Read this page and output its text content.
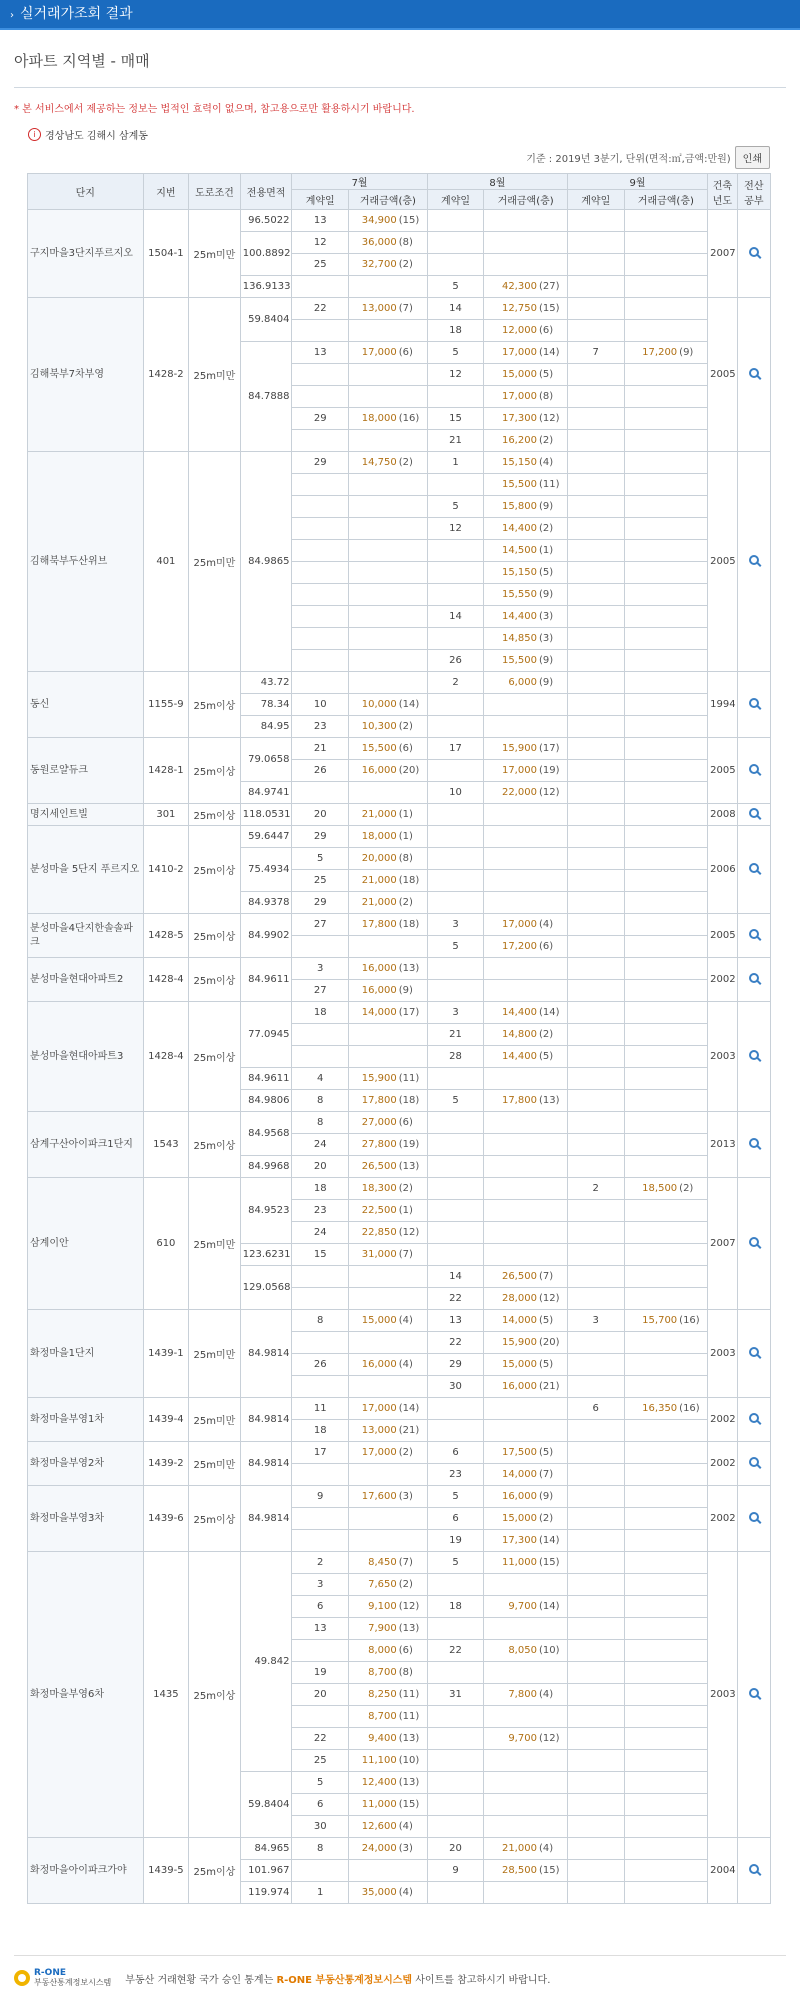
› 실거래가조회 결과
아파트 지역별 - 매매
* 본 서비스에서 제공하는 정보는 법적인 효력이 없으며, 참고용으로만 활용하시기 바랍니다.
i 경상남도 김해시 삼계동
기준 : 2019년 3분기, 단위(면적:㎡,금액:만원)	인쇄
단지	지번	도로조건	전용면적	7월		8월		9월		건축년도	전산공부
				계약일	거래금액(층)	계약일	거래금액(층)	계약일	거래금액(층)		
구지마을3단지푸르지오	1504-1	25m미만	96.5022	13	34,900 (15)					2007	
			100.8892	12	36,000 (8)						
				25	32,700 (2)						
			136.9133			5	42,300 (27)				
김해북부7차부영	1428-2	25m미만	59.8404	22	13,000 (7)	14	12,750 (15)			2005	
						18	12,000 (6)				
			84.7888	13	17,000 (6)	5	17,000 (14)	7	17,200 (9)		
						12	15,000 (5)				
							17,000 (8)				
				29	18,000 (16)	15	17,300 (12)				
						21	16,200 (2)				
김해북부두산위브	401	25m미만	84.9865	29	14,750 (2)	1	15,150 (4)			2005	
							15,500 (11)				
						5	15,800 (9)				
						12	14,400 (2)				
							14,500 (1)				
							15,150 (5)				
							15,550 (9)				
						14	14,400 (3)				
							14,850 (3)				
						26	15,500 (9)				
동신	1155-9	25m이상	43.72			2	6,000 (9)			1994	
			78.34	10	10,000 (14)						
			84.95	23	10,300 (2)						
동원로얄듀크	1428-1	25m이상	79.0658	21	15,500 (6)	17	15,900 (17)			2005	
				26	16,000 (20)		17,000 (19)				
			84.9741			10	22,000 (12)				
명지세인트빌	301	25m이상	118.0531	20	21,000 (1)					2008	
분성마을 5단지 푸르지오	1410-2	25m이상	59.6447	29	18,000 (1)					2006	
			75.4934	5	20,000 (8)						
				25	21,000 (18)						
			84.9378	29	21,000 (2)						
분성마을4단지한솔솔파크	1428-5	25m이상	84.9902	27	17,800 (18)	3	17,000 (4)			2005	
						5	17,200 (6)				
분성마을현대아파트2	1428-4	25m이상	84.9611	3	16,000 (13)					2002	
				27	16,000 (9)						
분성마을현대아파트3	1428-4	25m이상	77.0945	18	14,000 (17)	3	14,400 (14)			2003	
						21	14,800 (2)				
						28	14,400 (5)				
			84.9611	4	15,900 (11)						
			84.9806	8	17,800 (18)	5	17,800 (13)				
삼계구산아이파크1단지	1543	25m이상	84.9568	8	27,000 (6)					2013	
				24	27,800 (19)						
			84.9968	20	26,500 (13)						
삼계이안	610	25m미만	84.9523	18	18,300 (2)			2	18,500 (2)	2007	
				23	22,500 (1)						
				24	22,850 (12)						
			123.6231	15	31,000 (7)						
			129.0568			14	26,500 (7)				
						22	28,000 (12)				
화정마을1단지	1439-1	25m미만	84.9814	8	15,000 (4)	13	14,000 (5)	3	15,700 (16)	2003	
						22	15,900 (20)				
				26	16,000 (4)	29	15,000 (5)				
						30	16,000 (21)				
화정마을부영1차	1439-4	25m미만	84.9814	11	17,000 (14)			6	16,350 (16)	2002	
				18	13,000 (21)						
화정마을부영2차	1439-2	25m미만	84.9814	17	17,000 (2)	6	17,500 (5)			2002	
						23	14,000 (7)				
화정마을부영3차	1439-6	25m이상	84.9814	9	17,600 (3)	5	16,000 (9)			2002	
						6	15,000 (2)				
						19	17,300 (14)				
화정마을부영6차	1435	25m이상	49.842	2	8,450 (7)	5	11,000 (15)			2003	
				3	7,650 (2)						
				6	9,100 (12)	18	9,700 (14)				
				13	7,900 (13)						
					8,000 (6)	22	8,050 (10)				
				19	8,700 (8)						
				20	8,250 (11)	31	7,800 (4)				
					8,700 (11)						
				22	9,400 (13)		9,700 (12)				
				25	11,100 (10)						
			59.8404	5	12,400 (13)						
				6	11,000 (15)						
				30	12,600 (4)						
화정마을아이파크가야	1439-5	25m이상	84.965	8	24,000 (3)	20	21,000 (4)			2004	
			101.967			9	28,500 (15)				
			119.974	1	35,000 (4)						
R-ONE
부동산통계정보시스템 부동산 거래현황 국가 승인 통계는
R-ONE 부동산통계정보시스템
사이트를 참고하시기 바랍니다.
